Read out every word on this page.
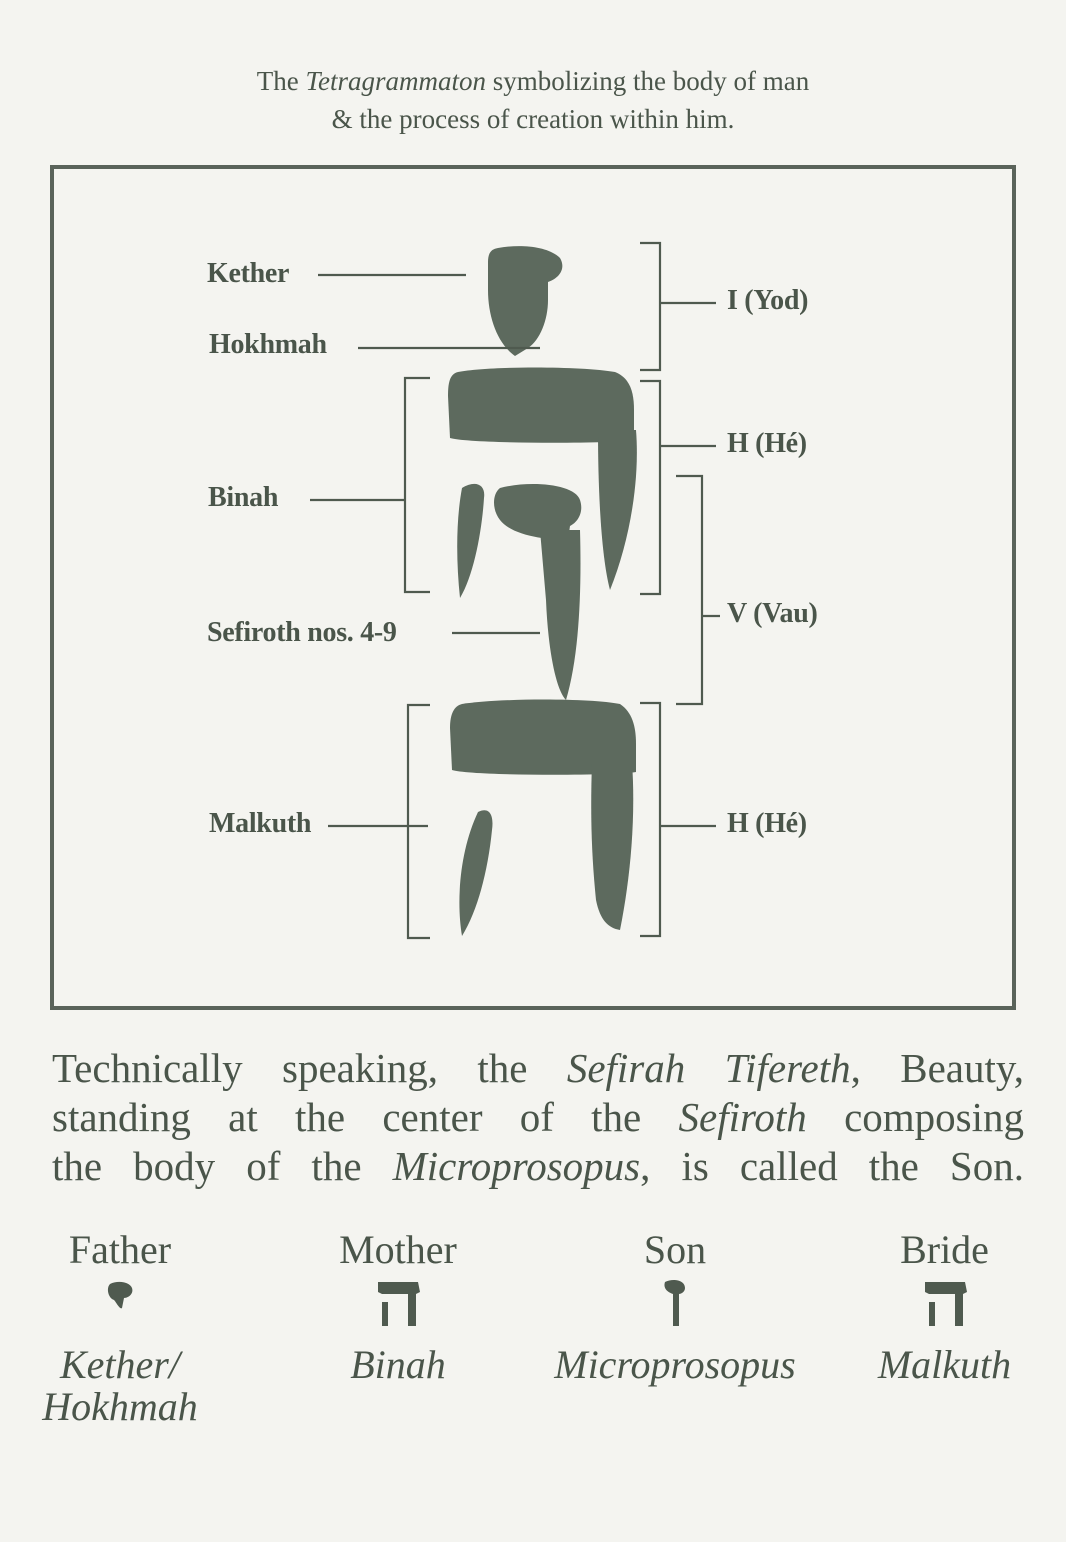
The Tetragrammaton symbolizing the body of man
& the process of creation within him.
Kether
Hokhmah
Binah
Sefiroth nos. 4-9
Malkuth
I (Yod)
H (Hé)
V (Vau)
H (Hé)
Technically speaking, the Sefirah Tifereth, Beauty,
standing at the center of the Sefiroth composing
the body of the Microprosopus, is called the Son.
Father
Kether/
Hokhmah
Mother
Binah
Son
Microprosopus
Bride
Malkuth
